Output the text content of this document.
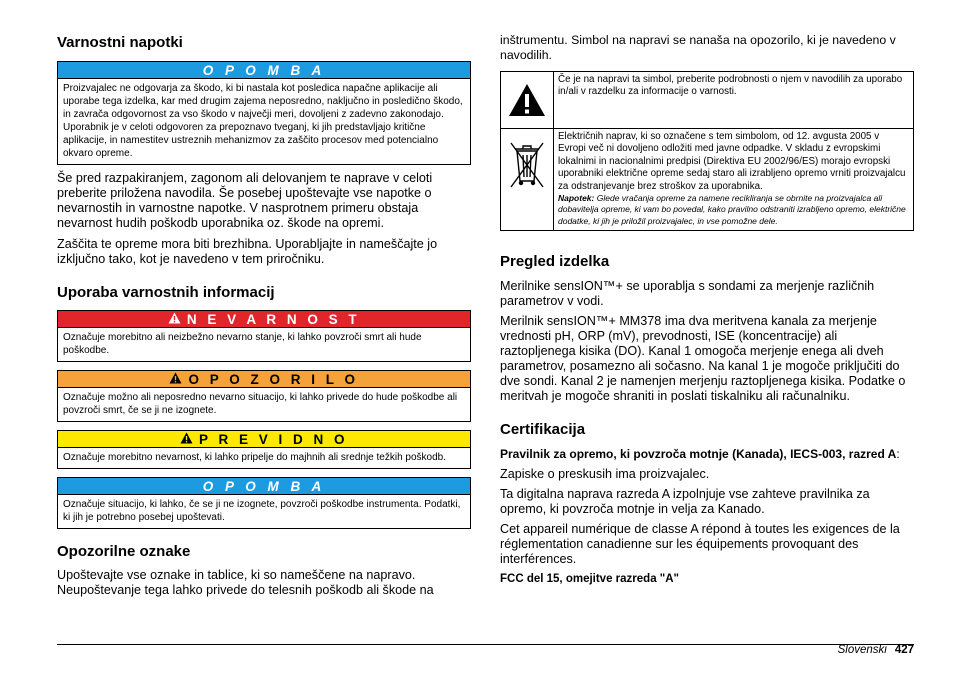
Varnostni napotki
O P O M B A
Proizvajalec ne odgovarja za škodo, ki bi nastala kot posledica napačne aplikacije ali uporabe tega izdelka, kar med drugim zajema neposredno, naključno in posledično škodo, in zavrača odgovornost za vso škodo v največji meri, dovoljeni z zadevno zakonodajo. Uporabnik je v celoti odgovoren za prepoznavo tveganj, ki jih predstavljajo kritične aplikacije, in namestitev ustreznih mehanizmov za zaščito procesov med potencialno okvaro opreme.

Še pred razpakiranjem, zagonom ali delovanjem te naprave v celoti preberite priložena navodila. Še posebej upoštevajte vse napotke o nevarnostih in varnostne napotke. V nasprotnem primeru obstaja nevarnost hudih poškodb uporabnika oz. škode na opremi.

Zaščita te opreme mora biti brezhibna. Uporabljajte in nameščajte jo izključno tako, kot je navedeno v tem priročniku.

Uporaba varnostnih informacij
N E V A R N O S T
Označuje morebitno ali neizbežno nevarno stanje, ki lahko povzroči smrt ali hude poškodbe.
O P O Z O R I L O
Označuje možno ali neposredno nevarno situacijo, ki lahko privede do hude poškodbe ali povzroči smrt, če se ji ne izognete.
P R E V I D N O
Označuje morebitno nevarnost, ki lahko pripelje do majhnih ali srednje težkih poškodb.
O P O M B A
Označuje situacijo, ki lahko, če se ji ne izognete, povzroči poškodbe instrumenta. Podatki, ki jih je potrebno posebej upoštevati.
Opozorilne oznake

Upoštevajte vse oznake in tablice, ki so nameščene na napravo. Neupoštevanje tega lahko privede do telesnih poškodb ali škode na

inštrumentu. Simbol na napravi se nanaša na opozorilo, ki je navedeno v navodilih.

	Če je na napravi ta simbol, preberite podrobnosti o njem v navodilih za uporabo in/ali v razdelku za informacije o varnosti.

Električnih naprav, ki so označene s tem simbolom, od 12. avgusta 2005 v Evropi več ni dovoljeno odložiti med javne odpadke. V skladu z evropskimi lokalnimi in nacionalnimi predpisi (Direktiva EU 2002/96/ES) morajo evropski uporabniki električne opreme sedaj staro ali izrabljeno opremo vrniti proizvajalcu za odstranjevanje brez stroškov za uporabnika.
Napotek: Glede vračanja opreme za namene recikliranja se obrnite na proizvajalca ali dobavitelja opreme, ki vam bo povedal, kako pravilno odstraniti izrabljeno opremo, električne dodatke, ki jih je priložil proizvajalec, in vse pomožne dele.
Pregled izdelka

Merilnike sensION™+ se uporablja s sondami za merjenje različnih parametrov v vodi.

Merilnik sensION™+ MM378 ima dva meritvena kanala za merjenje vrednosti pH, ORP (mV), prevodnosti, ISE (koncentracije) ali raztopljenega kisika (DO). Kanal 1 omogoča merjenje enega ali dveh parametrov, posamezno ali sočasno. Na kanal 1 je mogoče priključiti do dve sondi. Kanal 2 je namenjen merjenju raztopljenega kisika. Podatke o meritvah je mogoče shraniti in poslati tiskalniku ali računalniku.

Certifikacija

Pravilnik za opremo, ki povzroča motnje (Kanada), IECS-003, razred A:

Zapiske o preskusih ima proizvajalec.

Ta digitalna naprava razreda A izpolnjuje vse zahteve pravilnika za opremo, ki povzroča motnje in velja za Kanado.

Cet appareil numérique de classe A répond à toutes les exigences de la réglementation canadienne sur les équipements provoquant des interférences.

FCC del 15, omejitve razreda "A"

Slovenski 427
